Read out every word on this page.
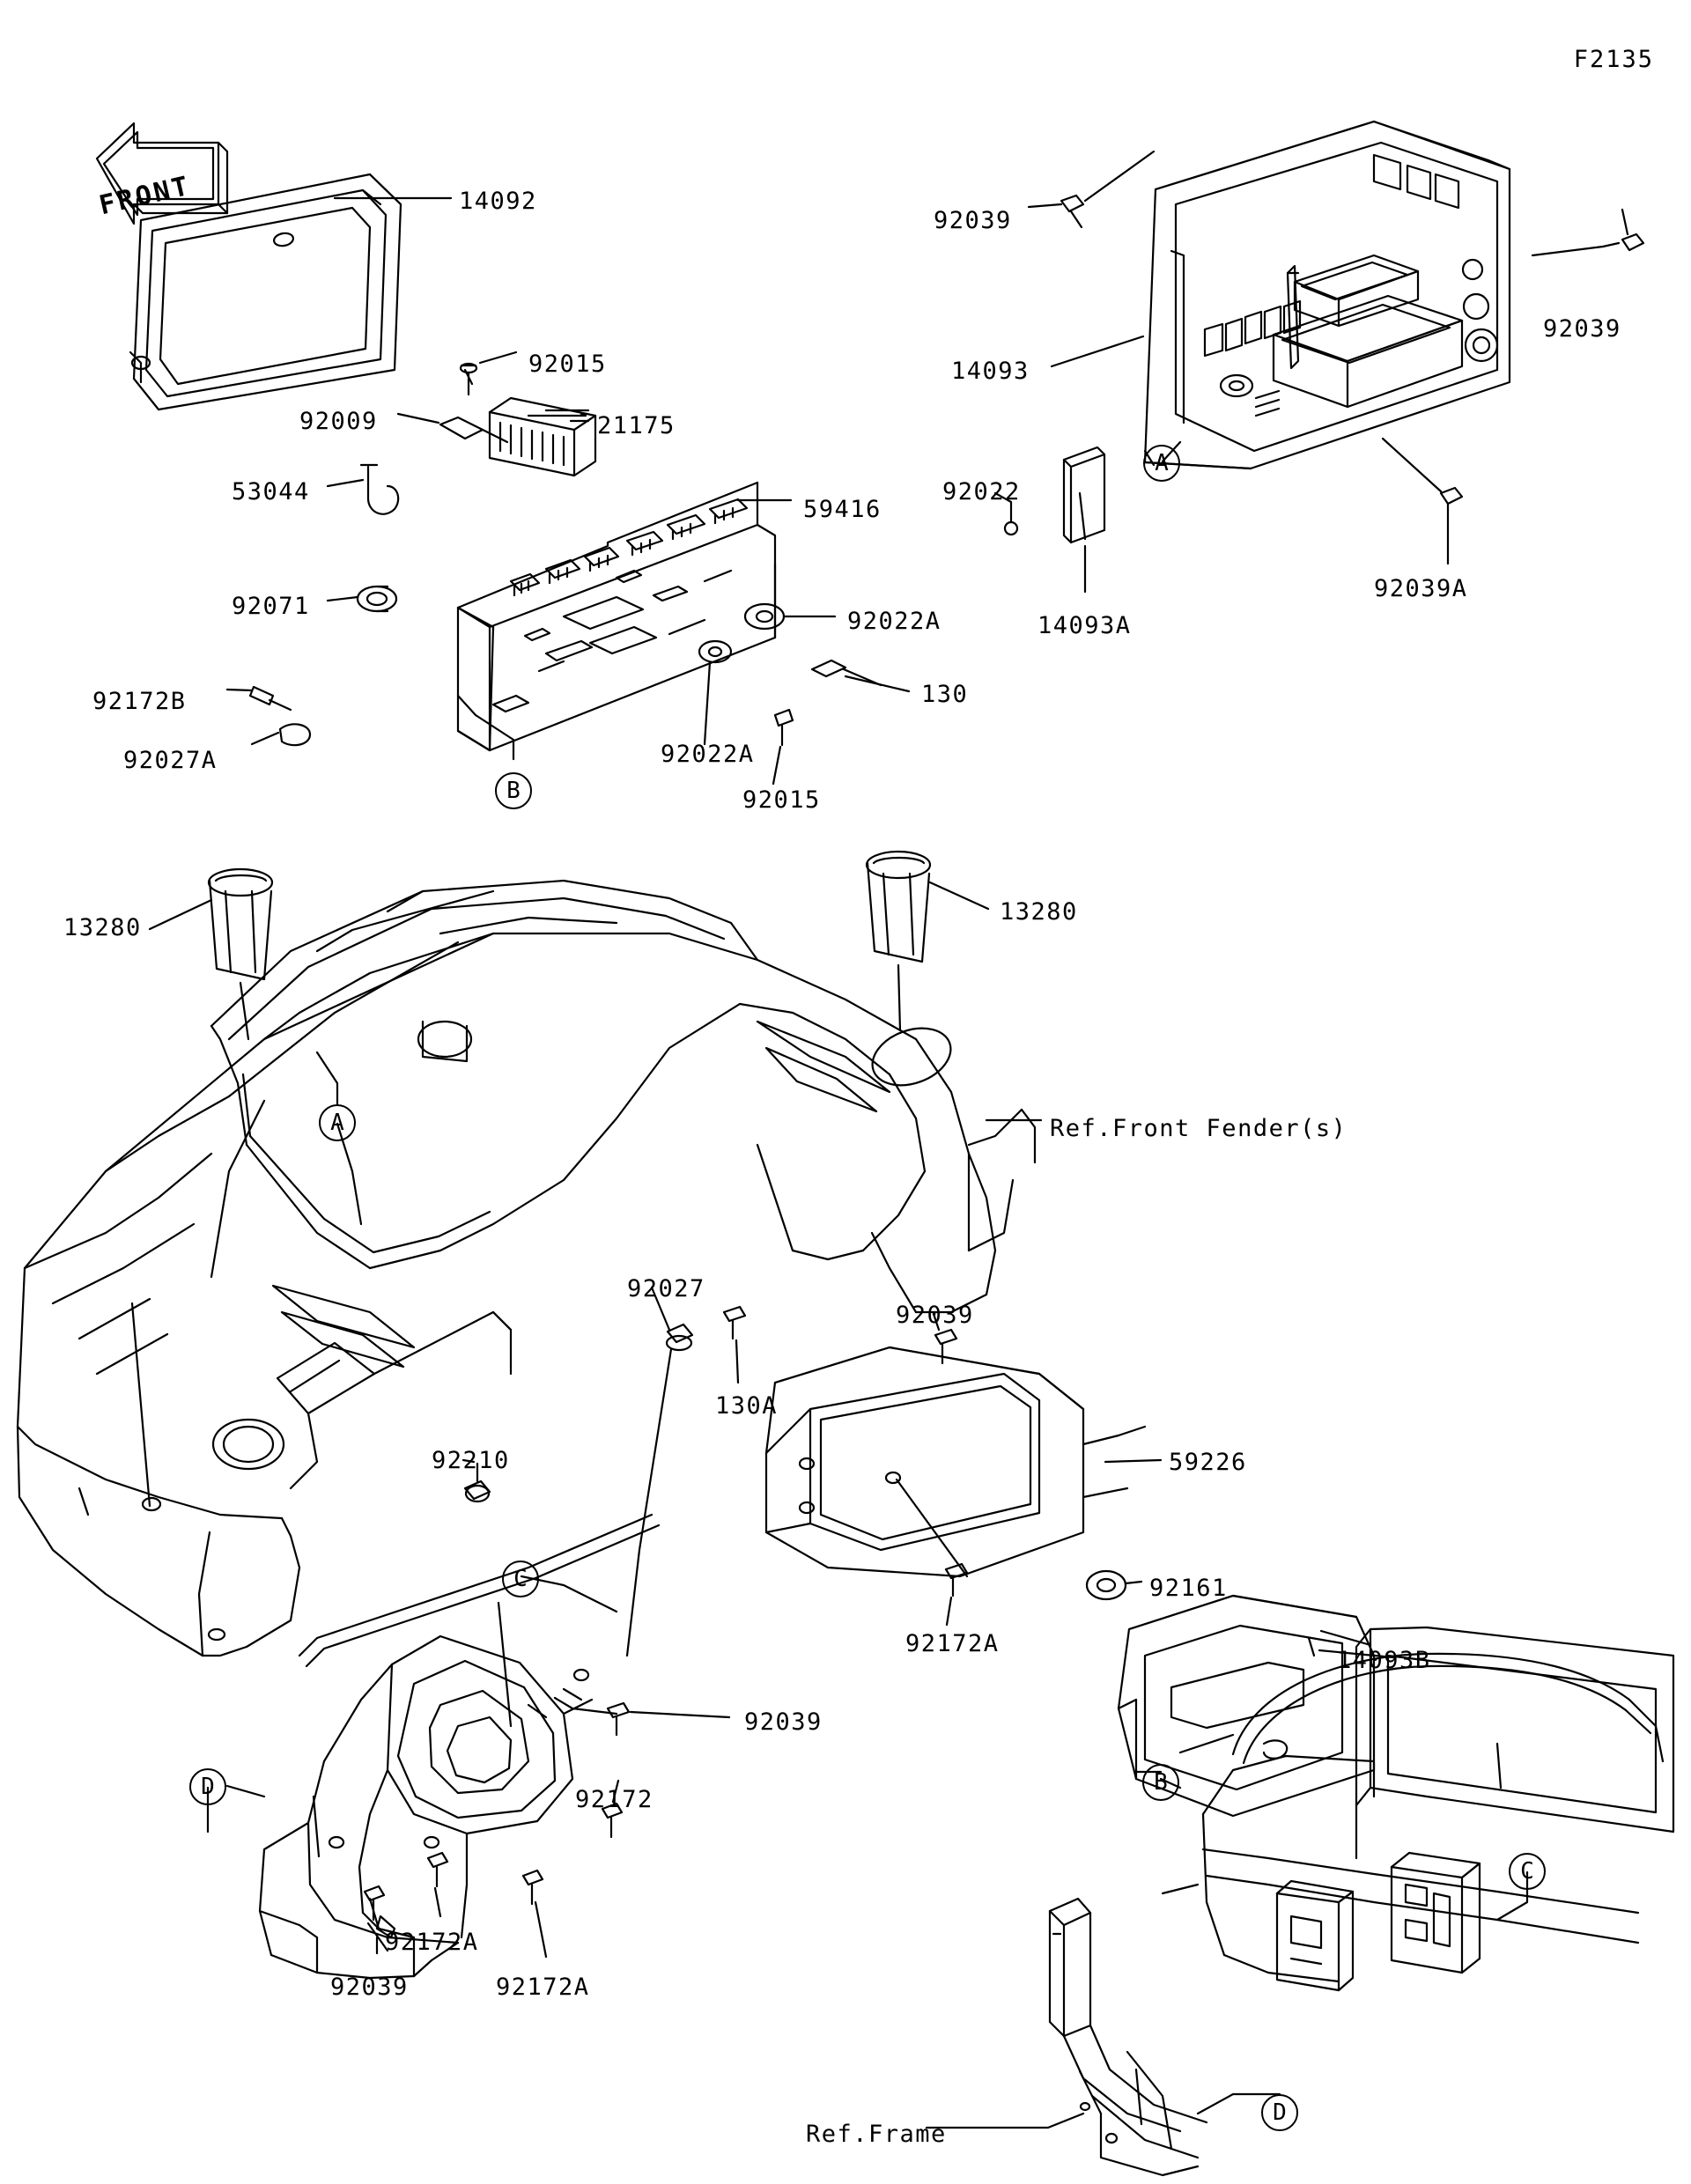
F2135
FRONT	14092
92015
92009	21175
53044
59416
92071
92022A
92172B	130
92027A	92022A
92015
92039
92039
14093
92022
92039A
14093A
13280
13280
Ref.Front Fender(s)
92027
92039
130A
59226
92210
92161
92172A
14093B
92039
92172
92172A
92172A
92039
Ref.Frame
A
B
A
C
D	B
C
D
